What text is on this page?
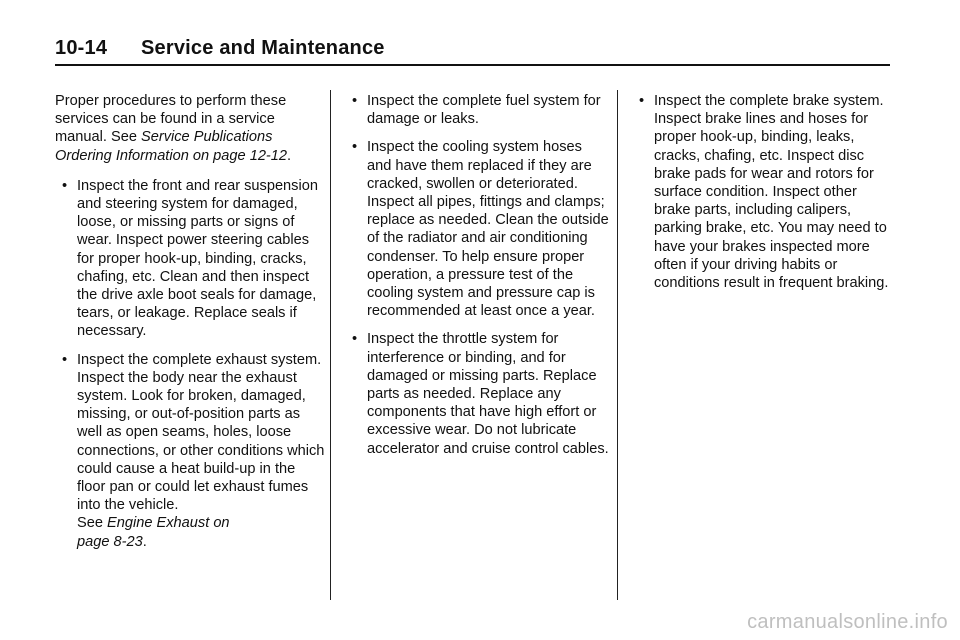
10-14 Service and Maintenance

Proper procedures to perform these services can be found in a service manual. See Service Publications Ordering Information on page 12-12.

• Inspect the front and rear suspension and steering system for damaged, loose, or missing parts or signs of wear. Inspect power steering cables for proper hook-up, binding, cracks, chafing, etc. Clean and then inspect the drive axle boot seals for damage, tears, or leakage. Replace seals if necessary.
• Inspect the complete exhaust system. Inspect the body near the exhaust system. Look for broken, damaged, missing, or out-of-position parts as well as open seams, holes, loose connections, or other conditions which could cause a heat build-up in the floor pan or could let exhaust fumes into the vehicle.
See Engine Exhaust on
page 8-23.
• Inspect the complete fuel system for damage or leaks.
• Inspect the cooling system hoses and have them replaced if they are cracked, swollen or deteriorated. Inspect all pipes, fittings and clamps; replace as needed. Clean the outside of the radiator and air conditioning condenser. To help ensure proper operation, a pressure test of the cooling system and pressure cap is recommended at least once a year.
• Inspect the throttle system for interference or binding, and for damaged or missing parts. Replace parts as needed. Replace any components that have high effort or excessive wear. Do not lubricate accelerator and cruise control cables.
• Inspect the complete brake system. Inspect brake lines and hoses for proper hook-up, binding, leaks, cracks, chafing, etc. Inspect disc brake pads for wear and rotors for surface condition. Inspect other brake parts, including calipers, parking brake, etc. You may need to have your brakes inspected more often if your driving habits or conditions result in frequent braking.
carmanualsonline.info
